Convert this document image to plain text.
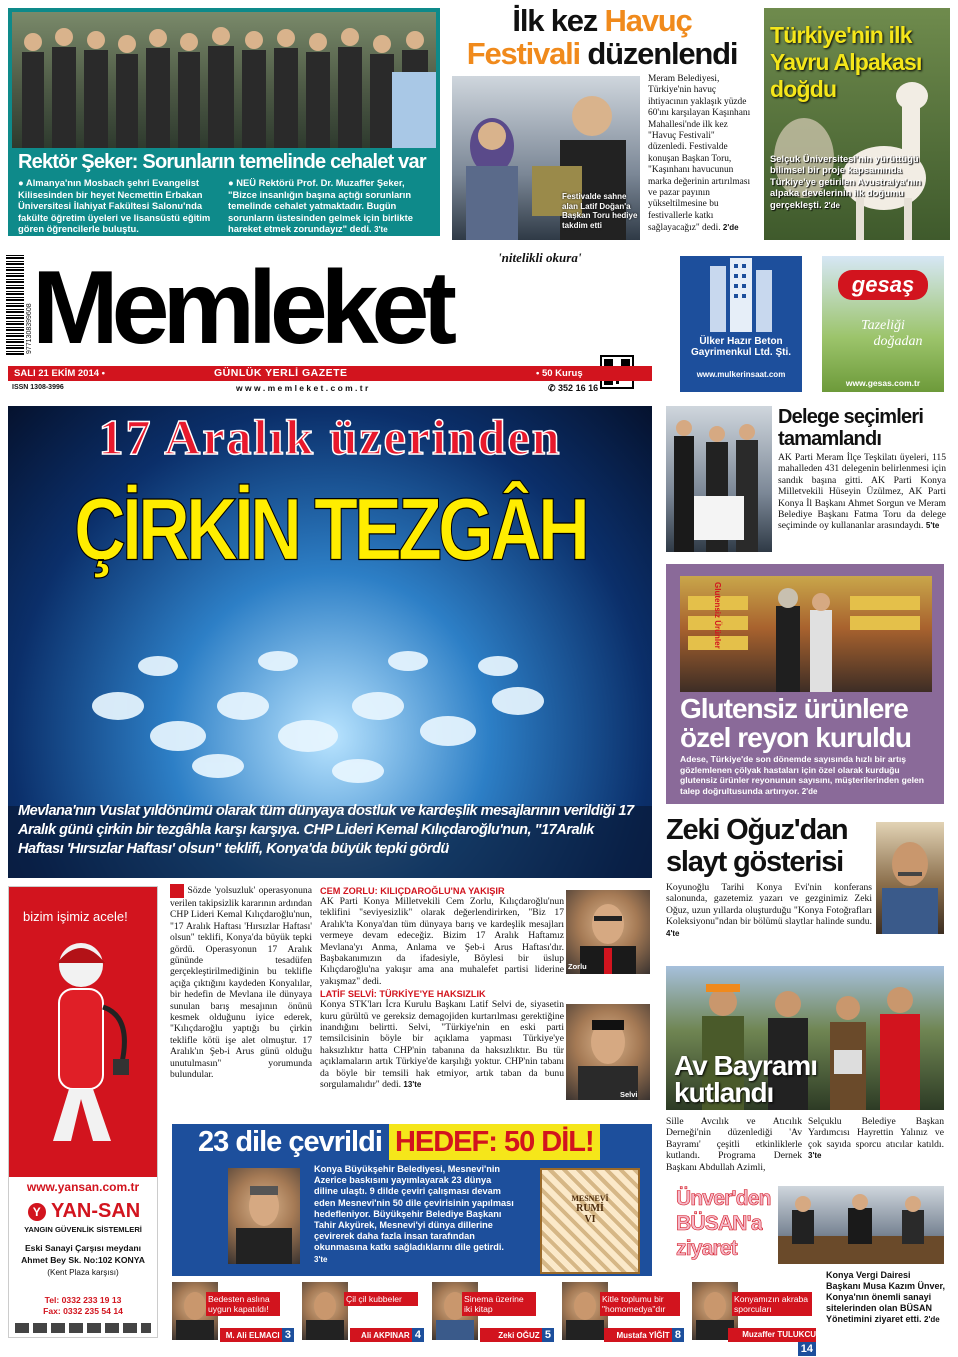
Rektör Şeker: Sorunların temelinde cehalet var
● Almanya'nın Mosbach şehri Evangelist Kilisesinden bir heyet Necmettin Erbakan Üniversitesi İlahiyat Fakültesi Salonu'nda fakülte öğretim üyeleri ve lisansüstü eğitim gören öğrencilerle buluştu.
● NEÜ Rektörü Prof. Dr. Muzaffer Şeker, "Bizce insanlığın başına açtığı sorunların temelinde cehalet yatmaktadır. Bugün sorunların üstesinden gelmek için birlikte hareket etmek zorundayız" dedi. 3'te
İlk kez Havuç
Festivali düzenlendi
Festivalde sahne alan Latif Doğan'a Başkan Toru hediye takdim etti
Meram Belediyesi, Türkiye'nin havuç ihtiyacının yaklaşık yüzde 60'ını karşılayan Kaşınhanı Mahallesi'nde ilk kez "Havuç Festivali" düzenledi. Festivalde konuşan Başkan Toru, "Kaşınhanı havucunun marka değerinin artırılması ve pazar payının yükseltilmesine bu festivallerle katkı sağlayacağız" dedi. 2'de
Türkiye'nin ilk Yavru Alpakası doğdu
Selçuk Üniversitesi'nin yürüttüğü bilimsel bir proje kapsamında Türkiye'ye getirilen Avustralya'nın alpaka develerinin ilk doğumu gerçekleşti. 2'de
9771308399608
'nitelikli okura'
Memleket
SALI 21 EKİM 2014 •	GÜNLÜK YERLİ GAZETE	• 50 Kuruş
ISSN 1308-3996	w w w . m e m l e k e t . c o m . t r	✆ 352 16 16
Ülker Hazır Beton
Gayrimenkul Ltd. Şti.
www.mulkerinsaat.com
gesaş
Tazeliği
doğadan
www.gesas.com.tr
17 Aralık üzerinden
ÇİRKİN TEZGÂH
Mevlana'nın Vuslat yıldönümü olarak tüm dünyaya dostluk ve kardeşlik mesajlarının verildiği 17 Aralık günü çirkin bir tezgâhla karşı karşıya. CHP Lideri Kemal Kılıçdaroğlu'nun, "17Aralık Haftası 'Hırsızlar Haftası' olsun" teklifi, Konya'da büyük tepki gördü
Sözde 'yolsuzluk' operasyonuna verilen takipsizlik kararının ardından CHP Lideri Kemal Kılıçdaroğlu'nun, "17 Aralık Haftası 'Hırsızlar Haftası' olsun" teklifi, Konya'da büyük tepki gördü. Operasyonun 17 Aralık gününde tesadüfen gerçekleştirilmediğinin bu teklifle açığa çıktığını kaydeden Konyalılar, bir hedefin de Mevlana ile dünyaya sunulan barış mesajının önünü kesmek olduğunu iyice ederek, "Kılıçdaroğlu yaptığı bu çirkin teklifle kötü işe alet olmuştur. 17 Aralık'ın Şeb-i Arus günü olduğu unutulmasın" yorumunda bulundular.
CEM ZORLU: KILIÇDAROĞLU'NA YAKIŞIR
AK Parti Konya Milletvekili Cem Zorlu, Kılıçdaroğlu'nun teklifini "seviyesizlik" olarak değerlendirirken, "Biz 17 Aralık'ta Konya'dan tüm dünyaya barış ve kardeşlik mesajları vermeye devam edeceğiz. Bizim 17 Aralık Haftamız Mevlana'yı Anma, Anlama ve Şeb-i Arus Haftası'dır. Başbakanımızın da ifadesiyle, Böylesi bir üslup Kılıçdaroğlu'na yakışır ama ana muhalefet partisi liderine yakışmaz" dedi.
LATİF SELVİ: TÜRKİYE'YE HAKSIZLIK
Konya STK'ları İcra Kurulu Başkanı Latif Selvi de, siyasetin kuru gürültü ve gereksiz demagojiden kurtarılması gerektiğine inandığını belirtti. Selvi, "Türkiye'nin en eski parti temsilcisinin böyle bir açıklama yapması Türkiye'ye haksızlıktır hatta CHP'nin tabanına da haksızlıktır. Bu tür açıklamaların artık Türkiye'de karşılığı yoktur. CHP'nin tabanı da böyle bir temsili hak etmiyor, artık taban da bunu sorgulamalıdır" dedi. 13'te
Zorlu
Selvi
bizim işimiz acele!
www.yansan.com.tr
Y YAN-SAN
YANGIN GÜVENLİK SİSTEMLERİ
Eski Sanayi Çarşısı meydanı
Ahmet Bey Sk. No:102 KONYA
(Kent Plaza karşısı)
Tel: 0332 233 19 13
Fax: 0332 235 54 14
23 dile çevrildi HEDEF: 50 DİL!
Konya Büyükşehir Belediyesi, Mesnevi'nin Azerice baskısını yayımlayarak 23 dünya diline ulaştı. 9 dilde çeviri çalışması devam eden Mesnevi'nin 50 dile çevirisinin yapılması hedefleniyor. Büyükşehir Belediye Başkanı Tahir Akyürek, Mesnevi'yi dünya dillerine çevirerek daha fazla insan tarafından okunmasına katkı sağladıklarını dile getirdi. 3'te
MESNEVÎ
RUMİ
VI
Delege seçimleri tamamlandı
AK Parti Meram İlçe Teşkilatı üyeleri, 115 mahalleden 431 delegenin belirlenmesi için sandık başına gitti. AK Parti Konya Milletvekili Hüseyin Üzülmez, AK Parti Konya İl Başkanı Ahmet Sorgun ve Meram Belediye Başkanı Fatma Toru da delege seçiminde oy kullananlar arasındaydı. 5'te
Glutensiz Ürünler
Glutensiz ürünlere özel reyon kuruldu
Adese, Türkiye'de son dönemde sayısında hızlı bir artış gözlemlenen çölyak hastaları için özel olarak kurduğu glutensiz ürünler reyonunun sayısını, müşterilerinden gelen talep doğrultusunda artırıyor. 2'de
Zeki Oğuz'dan slayt gösterisi
Koyunoğlu Tarihi Konya Evi'nin konferans salonunda, gazetemiz yazarı ve gezginimiz Zeki Oğuz, uzun yıllarda oluşturduğu "Konya Fotoğrafları Koleksiyonu"ndan bir bölümü slaytlar halinde sundu. 4'te
Av Bayramı kutlandı
Sille Avcılık ve Atıcılık Derneği'nin düzenlediği 'Av Bayramı' çeşitli etkinliklerle kutlandı. Programa Dernek Başkanı Abdullah Azimli,
Selçuklu Belediye Başkan Yardımcısı Hayrettin Yalınız ve çok sayıda sporcu atıcılar katıldı. 3'te
Ünver'den
BÜSAN'a
ziyaret
Konya Vergi Dairesi Başkanı Musa Kazım Ünver, Konya'nın önemli sanayi sitelerinden olan BÜSAN Yönetimini ziyaret etti. 2'de
Bedesten aslına uygun kapatıldı!
M. Ali ELMACI 3
Çil çil kubbeler
Ali AKPINAR 4
Sinema üzerine iki kitap
Zeki OĞUZ 5
Kitle toplumu bir "homomedya"dır
Mustafa YİĞİT 8
Konyamızın akraba sporcuları
Muzaffer TULUKCU 14
